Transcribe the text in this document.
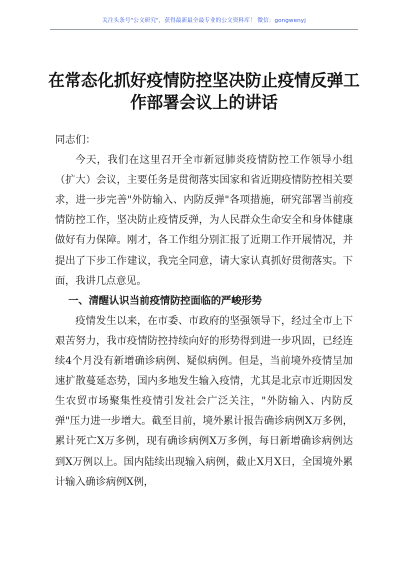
关注头条号"公文研究"，获得最新最全最专业的公文资料库！ 微信：gongwenyj
在常态化抓好疫情防控坚决防止疫情反弹工
作部署会议上的讲话

同志们：

今天，我们在这里召开全市新冠肺炎疫情防控工作领导小组（扩大）会议，主要任务是贯彻落实国家和省近期疫情防控相关要求，进一步完善"外防输入、内防反弹"各项措施，研究部署当前疫情防控工作，坚决防止疫情反弹，为人民群众生命安全和身体健康做好有力保障。刚才，各工作组分别汇报了近期工作开展情况，并提出了下步工作建议，我完全同意，请大家认真抓好贯彻落实。下面，我讲几点意见。

一、清醒认识当前疫情防控面临的严峻形势

疫情发生以来，在市委、市政府的坚强领导下，经过全市上下艰苦努力，我市疫情防控持续向好的形势得到进一步巩固，已经连续4个月没有新增确诊病例、疑似病例。但是，当前境外疫情呈加速扩散蔓延态势，国内多地发生输入疫情，尤其是北京市近期因发生农贸市场聚集性疫情引发社会广泛关注，"外防输入、内防反弹"压力进一步增大。截至目前，境外累计报告确诊病例X万多例，累计死亡X万多例，现有确诊病例X万多例，每日新增确诊病例达到X万例以上。国内陆续出现输入病例，截止X月X日，全国境外累计输入确诊病例X例，
